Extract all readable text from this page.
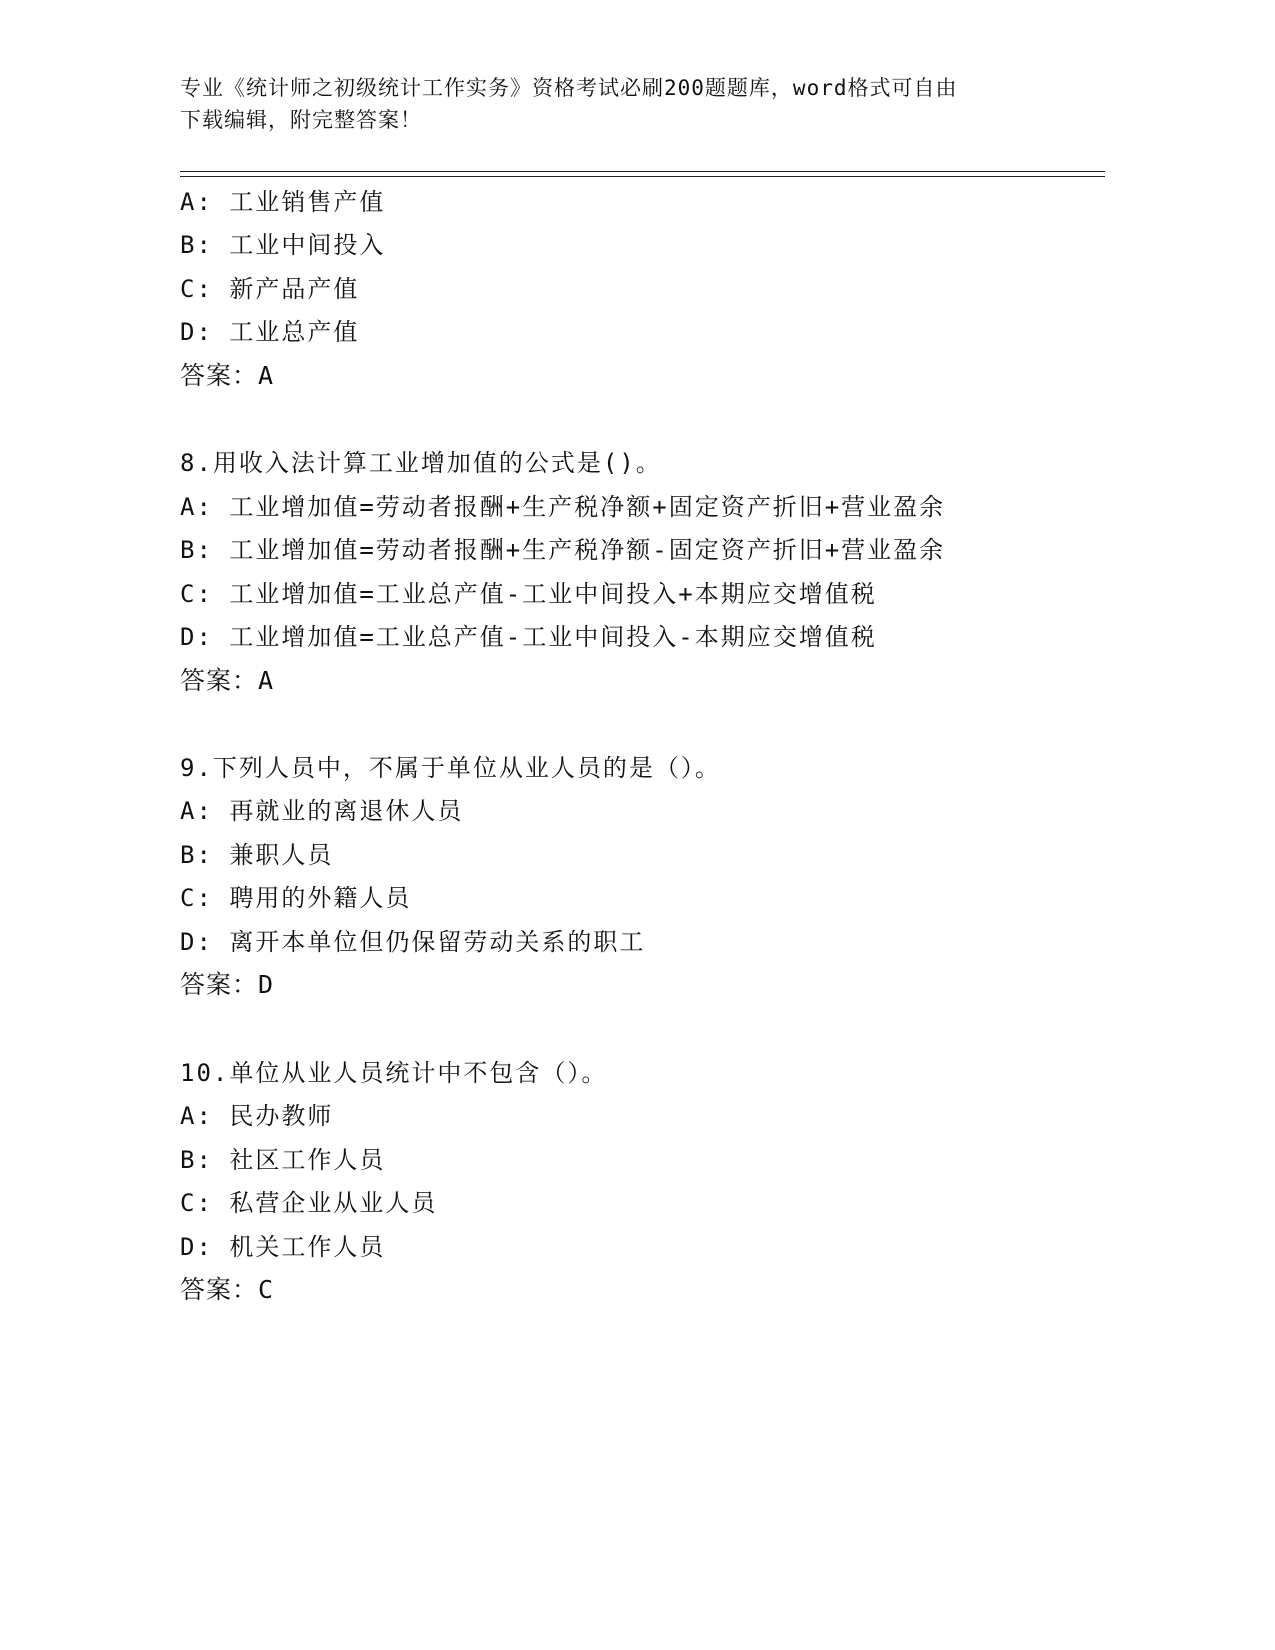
专业《统计师之初级统计工作实务》资格考试必刷200题题库，word格式可自由
下载编辑，附完整答案！
A: 工业销售产值
B: 工业中间投入
C: 新产品产值
D: 工业总产值
答案：A
8.用收入法计算工业增加值的公式是()。
A: 工业增加值=劳动者报酬+生产税净额+固定资产折旧+营业盈余
B: 工业增加值=劳动者报酬+生产税净额-固定资产折旧+营业盈余
C: 工业增加值=工业总产值-工业中间投入+本期应交增值税
D: 工业增加值=工业总产值-工业中间投入-本期应交增值税
答案：A
9.下列人员中，不属于单位从业人员的是（）。
A: 再就业的离退休人员
B: 兼职人员
C: 聘用的外籍人员
D: 离开本单位但仍保留劳动关系的职工
答案：D
10.单位从业人员统计中不包含（）。
A: 民办教师
B: 社区工作人员
C: 私营企业从业人员
D: 机关工作人员
答案：C
